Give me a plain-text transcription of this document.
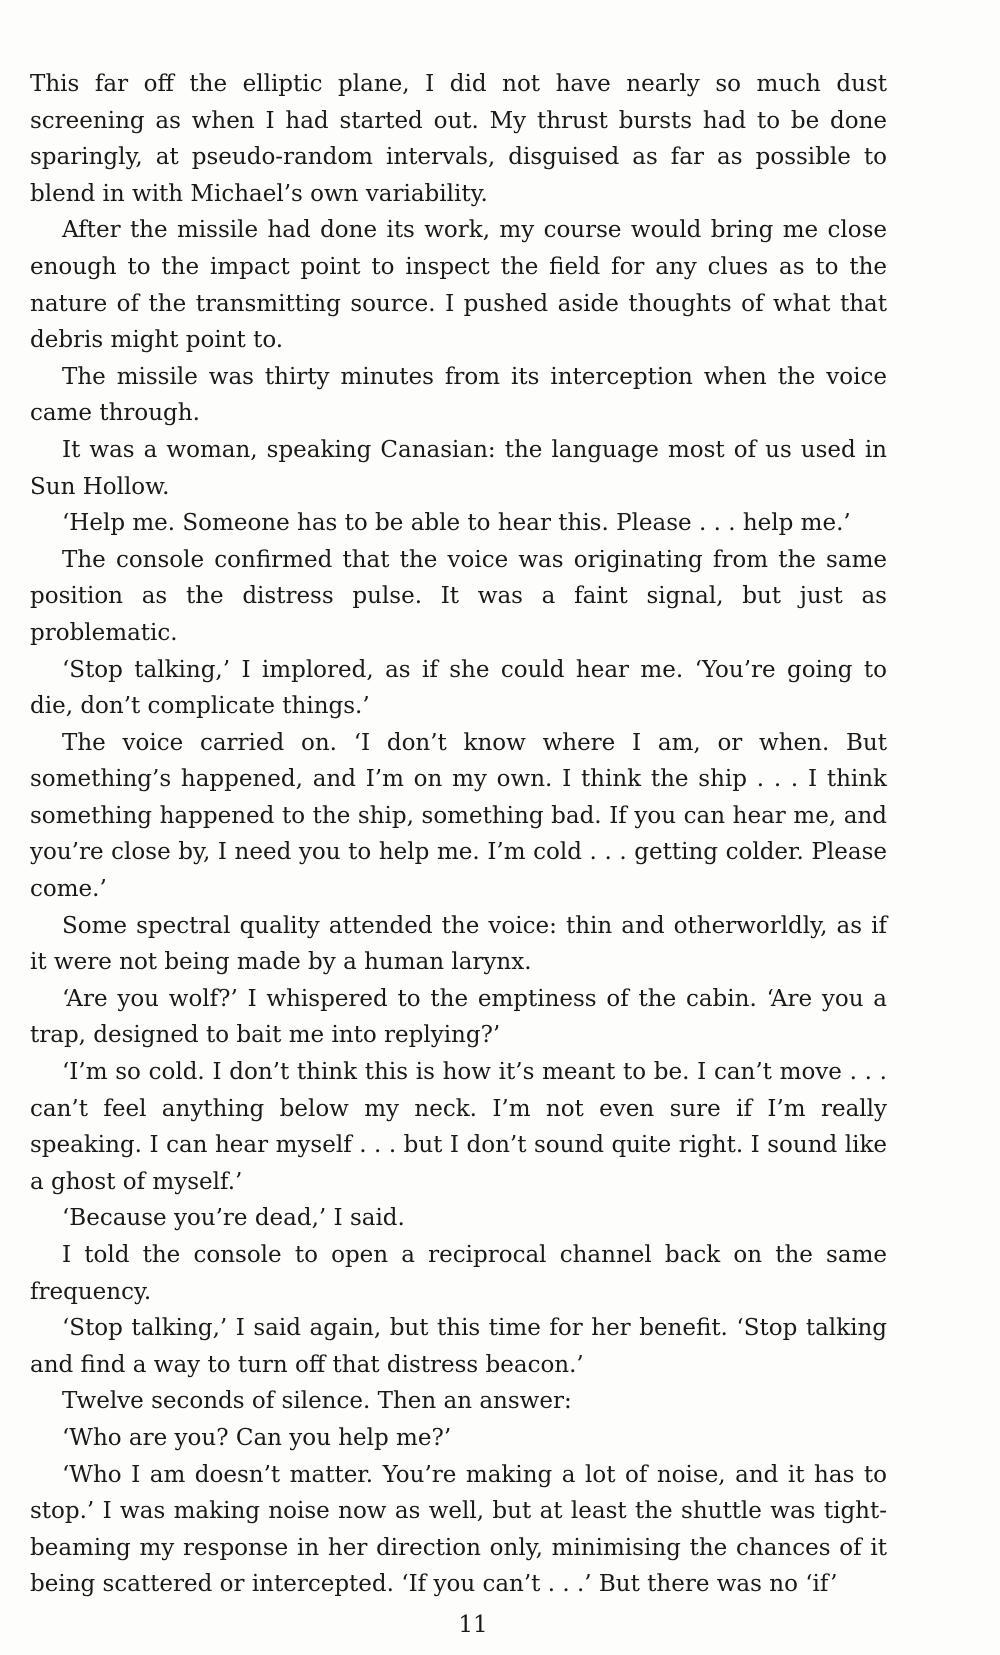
This far off the elliptic plane, I did not have nearly so much dust screening as when I had started out. My thrust bursts had to be done sparingly, at pseudo-random intervals, disguised as far as possible to blend in with Michael’s own variability.

After the missile had done its work, my course would bring me close enough to the impact point to inspect the field for any clues as to the nature of the transmitting source. I pushed aside thoughts of what that debris might point to.

The missile was thirty minutes from its interception when the voice came through.

It was a woman, speaking Canasian: the language most of us used in Sun Hollow.

‘Help me. Someone has to be able to hear this. Please . . . help me.’

The console confirmed that the voice was originating from the same position as the distress pulse. It was a faint signal, but just as problematic.

‘Stop talking,’ I implored, as if she could hear me. ‘You’re going to die, don’t complicate things.’

The voice carried on. ‘I don’t know where I am, or when. But something’s happened, and I’m on my own. I think the ship . . . I think something happened to the ship, something bad. If you can hear me, and you’re close by, I need you to help me. I’m cold . . . getting colder. Please come.’

Some spectral quality attended the voice: thin and otherworldly, as if it were not being made by a human larynx.

‘Are you wolf?’ I whispered to the emptiness of the cabin. ‘Are you a trap, designed to bait me into replying?’

‘I’m so cold. I don’t think this is how it’s meant to be. I can’t move . . . can’t feel anything below my neck. I’m not even sure if I’m really speaking. I can hear myself . . . but I don’t sound quite right. I sound like a ghost of myself.’

‘Because you’re dead,’ I said.

I told the console to open a reciprocal channel back on the same frequency.

‘Stop talking,’ I said again, but this time for her benefit. ‘Stop talking and find a way to turn off that distress beacon.’

Twelve seconds of silence. Then an answer:

‘Who are you? Can you help me?’

‘Who I am doesn’t matter. You’re making a lot of noise, and it has to stop.’ I was making noise now as well, but at least the shuttle was tight-beaming my response in her direction only, minimising the chances of it being scattered or intercepted. ‘If you can’t . . .’ But there was no ‘if’

11
